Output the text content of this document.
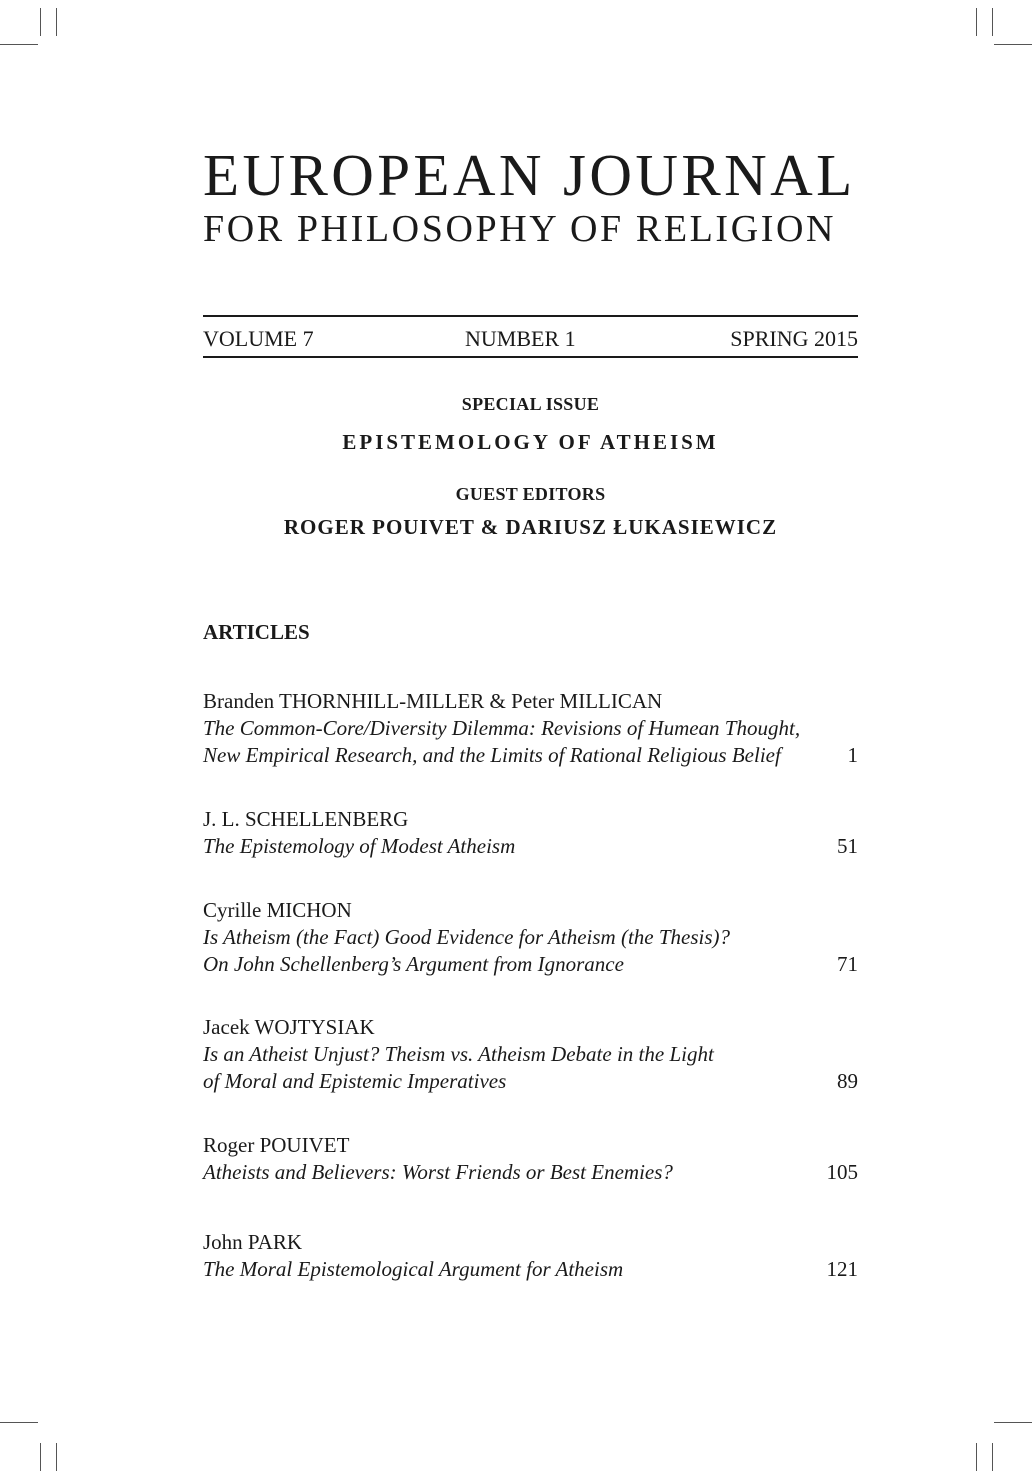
EUROPEAN JOURNAL
FOR PHILOSOPHY OF RELIGION
VOLUME 7	NUMBER 1	SPRING 2015
SPECIAL ISSUE
EPISTEMOLOGY OF ATHEISM
GUEST EDITORS
ROGER POUIVET & DARIUSZ ŁUKASIEWICZ
ARTICLES
Branden THORNHILL-MILLER & Peter MILLICAN
The Common-Core/Diversity Dilemma: Revisions of Humean Thought,
New Empirical Research, and the Limits of Rational Religious Belief	1
J. L. SCHELLENBERG
The Epistemology of Modest Atheism	51
Cyrille MICHON
Is Atheism (the Fact) Good Evidence for Atheism (the Thesis)?
On John Schellenberg’s Argument from Ignorance	71
Jacek WOJTYSIAK
Is an Atheist Unjust? Theism vs. Atheism Debate in the Light
of Moral and Epistemic Imperatives	89
Roger POUIVET
Atheists and Believers: Worst Friends or Best Enemies?	105
John PARK
The Moral Epistemological Argument for Atheism	121
